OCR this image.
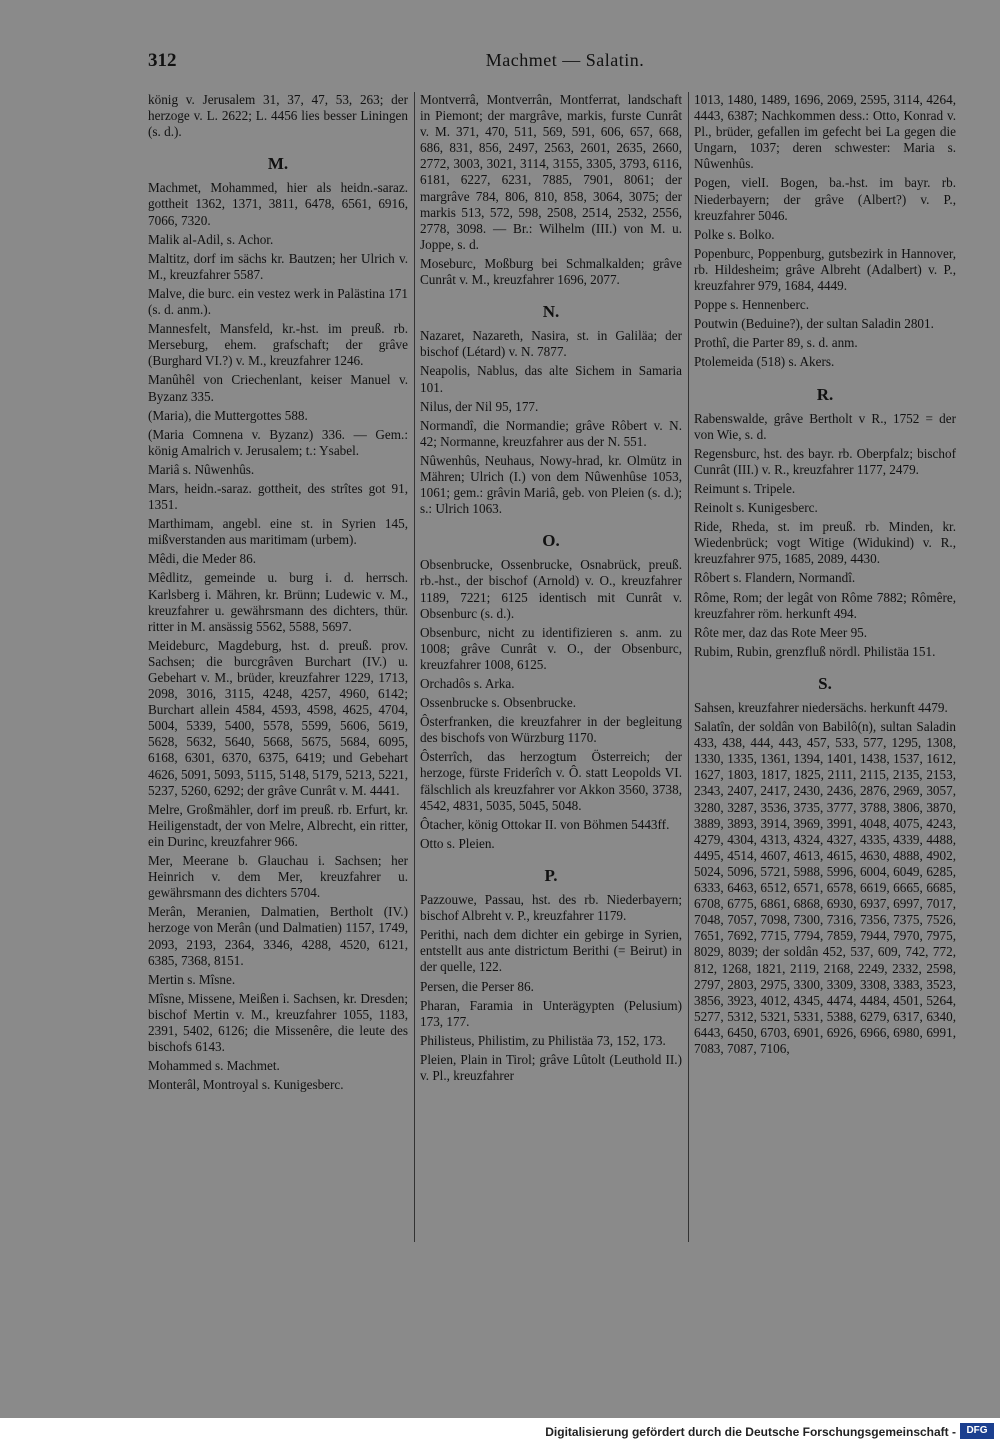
312	Machmet — Salatin.
könig v. Jerusalem 31, 37, 47, 53, 263; der herzoge v. L. 2622; L. 4456 lies besser Liningen (s. d.).
M.
Machmet, Mohammed, hier als heidn.-saraz. gottheit 1362, 1371, 3811, 6478, 6561, 6916, 7066, 7320.
Malik al-Adil, s. Achor.
Maltitz, dorf im sächs kr. Bautzen; her Ulrich v. M., kreuzfahrer 5587.
Malve, die burc. ein vestez werk in Palästina 171 (s. d. anm.).
Mannesfelt, Mansfeld, kr.-hst. im preuß. rb. Merseburg, ehem. grafschaft; der grâve (Burghard VI.?) v. M., kreuzfahrer 1246.
Manûhêl von Criechenlant, keiser Manuel v. Byzanz 335.
(Maria), die Muttergottes 588.
(Maria Comnena v. Byzanz) 336. — Gem.: könig Amalrich v. Jerusalem; t.: Ysabel.
Mariâ s. Nûwenhûs.
Mars, heidn.-saraz. gottheit, des strîtes got 91, 1351.
Marthimam, angebl. eine st. in Syrien 145, mißverstanden aus maritimam (urbem).
Mêdi, die Meder 86.
Mêdlitz, gemeinde u. burg i. d. herrsch. Karlsberg i. Mähren, kr. Brünn; Ludewic v. M., kreuzfahrer u. gewährsmann des dichters, thür. ritter in M. ansässig 5562, 5588, 5697.
Meideburc, Magdeburg, hst. d. preuß. prov. Sachsen; die burcgrâven Burchart (IV.) u. Gebehart v. M., brüder, kreuzfahrer 1229, 1713, 2098, 3016, 3115, 4248, 4257, 4960, 6142; Burchart allein 4584, 4593, 4598, 4625, 4704, 5004, 5339, 5400, 5578, 5599, 5606, 5619, 5628, 5632, 5640, 5668, 5675, 5684, 6095, 6168, 6301, 6370, 6375, 6419; und Gebehart 4626, 5091, 5093, 5115, 5148, 5179, 5213, 5221, 5237, 5260, 6292; der grâve Cunrât v. M. 4441.
Melre, Großmähler, dorf im preuß. rb. Erfurt, kr. Heiligenstadt, der von Melre, Albrecht, ein ritter, ein Durinc, kreuzfahrer 966.
Mer, Meerane b. Glauchau i. Sachsen; her Heinrich v. dem Mer, kreuzfahrer u. gewährsmann des dichters 5704.
Merân, Meranien, Dalmatien, Bertholt (IV.) herzoge von Merân (und Dalmatien) 1157, 1749, 2093, 2193, 2364, 3346, 4288, 4520, 6121, 6385, 7368, 8151.
Mertin s. Mîsne.
Mîsne, Missene, Meißen i. Sachsen, kr. Dresden; bischof Mertin v. M., kreuzfahrer 1055, 1183, 2391, 5402, 6126; die Missenêre, die leute des bischofs 6143.
Mohammed s. Machmet.
Monterâl, Montroyal s. Kunigesberc.
Montverrâ, Montverrân, Montferrat, landschaft in Piemont; der margrâve, markis, furste Cunrât v. M. 371, 470, 511, 569, 591, 606, 657, 668, 686, 831, 856, 2497, 2563, 2601, 2635, 2660, 2772, 3003, 3021, 3114, 3155, 3305, 3793, 6116, 6181, 6227, 6231, 7885, 7901, 8061; der margrâve 784, 806, 810, 858, 3064, 3075; der markis 513, 572, 598, 2508, 2514, 2532, 2556, 2778, 3098. — Br.: Wilhelm (III.) von M. u. Joppe, s. d.
Moseburc, Moßburg bei Schmalkalden; grâve Cunrât v. M., kreuzfahrer 1696, 2077.
N.
Nazaret, Nazareth, Nasira, st. in Galiläa; der bischof (Létard) v. N. 7877.
Neapolis, Nablus, das alte Sichem in Samaria 101.
Nilus, der Nil 95, 177.
Normandî, die Normandie; grâve Rôbert v. N. 42; Normanne, kreuzfahrer aus der N. 551.
Nûwenhûs, Neuhaus, Nowy-hrad, kr. Olmütz in Mähren; Ulrich (I.) von dem Nûwenhûse 1053, 1061; gem.: grâvin Mariâ, geb. von Pleien (s. d.); s.: Ulrich 1063.
O.
Obsenbrucke, Ossenbrucke, Osnabrück, preuß. rb.-hst., der bischof (Arnold) v. O., kreuzfahrer 1189, 7221; 6125 identisch mit Cunrât v. Obsenburc (s. d.).
Obsenburc, nicht zu identifizieren s. anm. zu 1008; grâve Cunrât v. O., der Obsenburc, kreuzfahrer 1008, 6125.
Orchadôs s. Arka.
Ossenbrucke s. Obsenbrucke.
Ôsterfranken, die kreuzfahrer in der begleitung des bischofs von Würzburg 1170.
Ôsterrîch, das herzogtum Österreich; der herzoge, fürste Friderîch v. Ô. statt Leopolds VI. fälschlich als kreuzfahrer vor Akkon 3560, 3738, 4542, 4831, 5035, 5045, 5048.
Ôtacher, könig Ottokar II. von Böhmen 5443ff.
Otto s. Pleien.
P.
Pazzouwe, Passau, hst. des rb. Niederbayern; bischof Albreht v. P., kreuzfahrer 1179.
Perithi, nach dem dichter ein gebirge in Syrien, entstellt aus ante districtum Berithi (= Beirut) in der quelle, 122.
Persen, die Perser 86.
Pharan, Faramia in Unterägypten (Pelusium) 173, 177.
Philisteus, Philistim, zu Philistäa 73, 152, 173.
Pleien, Plain in Tirol; grâve Lûtolt (Leuthold II.) v. Pl., kreuzfahrer
1013, 1480, 1489, 1696, 2069, 2595, 3114, 4264, 4443, 6387; Nachkommen dess.: Otto, Konrad v. Pl., brüder, gefallen im gefecht bei La gegen die Ungarn, 1037; deren schwester: Maria s. Nûwenhûs.
Pogen, vielI. Bogen, ba.-hst. im bayr. rb. Niederbayern; der grâve (Albert?) v. P., kreuzfahrer 5046.
Polke s. Bolko.
Popenburc, Poppenburg, gutsbezirk in Hannover, rb. Hildesheim; grâve Albreht (Adalbert) v. P., kreuzfahrer 979, 1684, 4449.
Poppe s. Hennenberc.
Poutwin (Beduine?), der sultan Saladin 2801.
Prothî, die Parter 89, s. d. anm.
Ptolemeida (518) s. Akers.
R.
Rabenswalde, grâve Bertholt v R., 1752 = der von Wie, s. d.
Regensburc, hst. des bayr. rb. Oberpfalz; bischof Cunrât (III.) v. R., kreuzfahrer 1177, 2479.
Reimunt s. Tripele.
Reinolt s. Kunigesberc.
Ride, Rheda, st. im preuß. rb. Minden, kr. Wiedenbrück; vogt Witige (Widukind) v. R., kreuzfahrer 975, 1685, 2089, 4430.
Rôbert s. Flandern, Normandî.
Rôme, Rom; der legât von Rôme 7882; Rômêre, kreuzfahrer röm. herkunft 494.
Rôte mer, daz das Rote Meer 95.
Rubim, Rubin, grenzfluß nördl. Philistäa 151.
S.
Sahsen, kreuzfahrer niedersächs. herkunft 4479.
Salatîn, der soldân von Babilô(n), sultan Saladin 433, 438, 444, 443, 457, 533, 577, 1295, 1308, 1330, 1335, 1361, 1394, 1401, 1438, 1537, 1612, 1627, 1803, 1817, 1825, 2111, 2115, 2135, 2153, 2343, 2407, 2417, 2430, 2436, 2876, 2969, 3057, 3280, 3287, 3536, 3735, 3777, 3788, 3806, 3870, 3889, 3893, 3914, 3969, 3991, 4048, 4075, 4243, 4279, 4304, 4313, 4324, 4327, 4335, 4339, 4488, 4495, 4514, 4607, 4613, 4615, 4630, 4888, 4902, 5024, 5096, 5721, 5988, 5996, 6004, 6049, 6285, 6333, 6463, 6512, 6571, 6578, 6619, 6665, 6685, 6708, 6775, 6861, 6868, 6930, 6937, 6997, 7017, 7048, 7057, 7098, 7300, 7316, 7356, 7375, 7526, 7651, 7692, 7715, 7794, 7859, 7944, 7970, 7975, 8029, 8039; der soldân 452, 537, 609, 742, 772, 812, 1268, 1821, 2119, 2168, 2249, 2332, 2598, 2797, 2803, 2975, 3300, 3309, 3308, 3383, 3523, 3856, 3923, 4012, 4345, 4474, 4484, 4501, 5264, 5277, 5312, 5321, 5331, 5388, 6279, 6317, 6340, 6443, 6450, 6703, 6901, 6926, 6966, 6980, 6991, 7083, 7087, 7106,
Digitalisierung gefördert durch die Deutsche Forschungsgemeinschaft -	DFG
